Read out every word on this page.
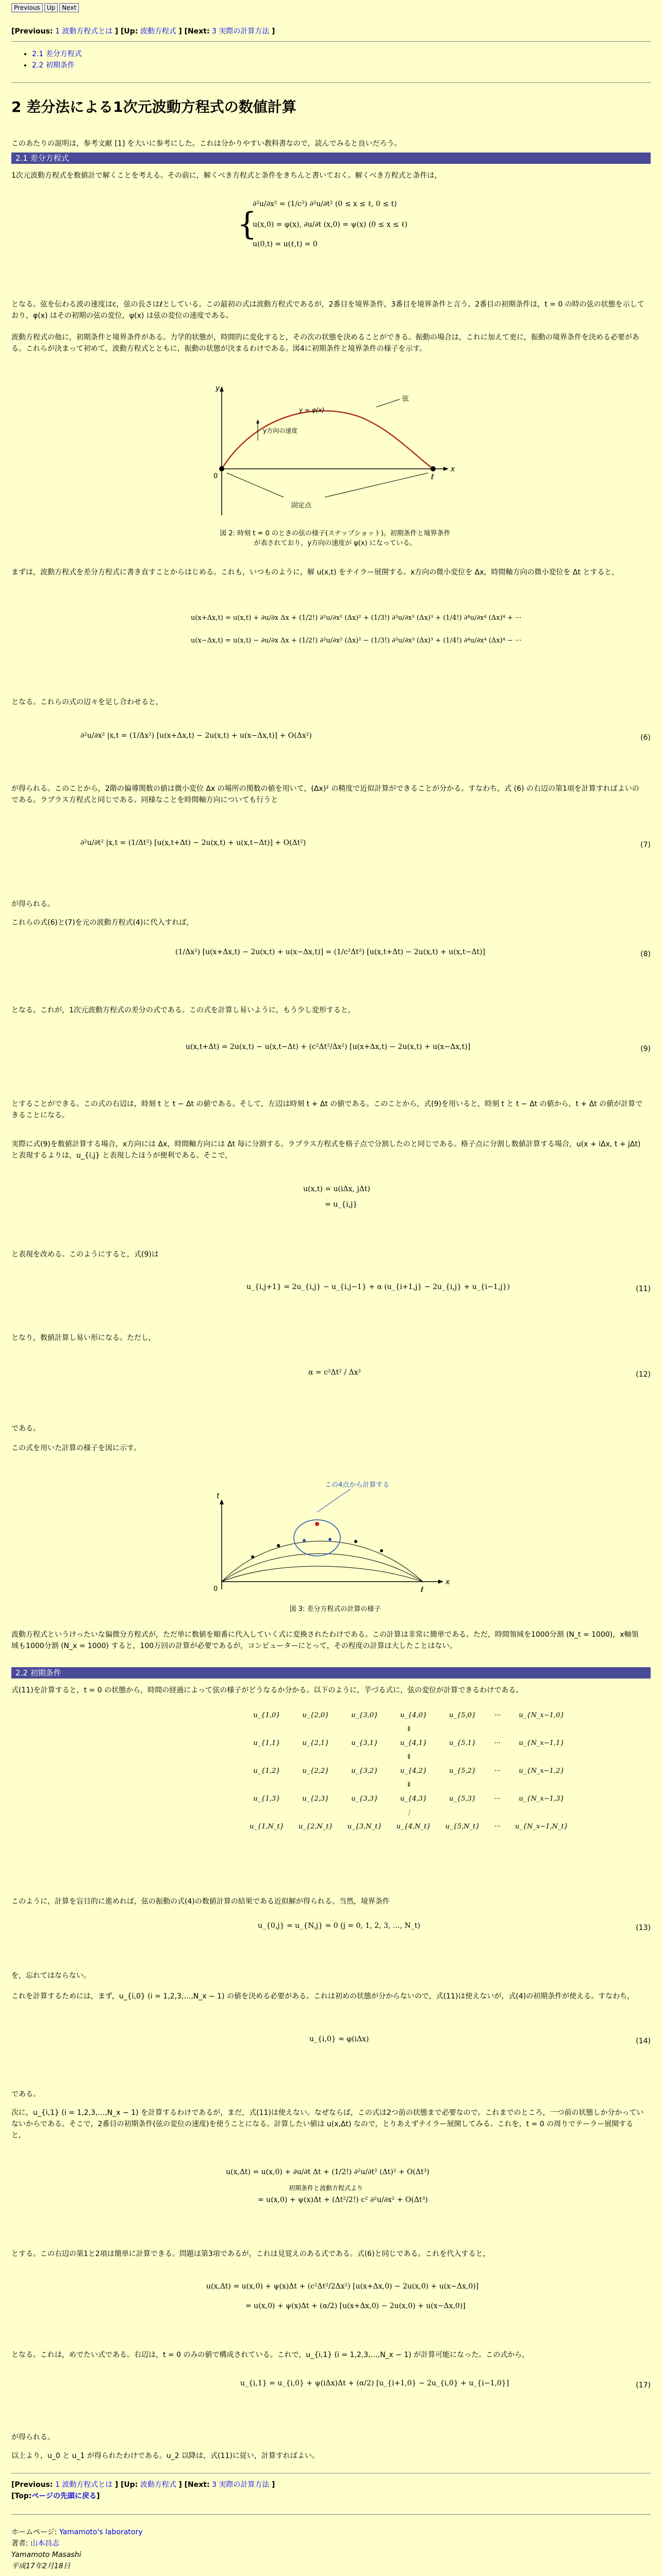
Previous Up Next
[Previous: 1 波動方程式とは ] [Up: 波動方程式 ] [Next: 3 実際の計算方法 ]
• 2.1 差分方程式
• 2.2 初期条件
2 差分法による1次元波動方程式の数値計算
このあたりの説明は，参考文献 [1] を大いに参考にした。これは分かりやすい教科書なので，読んでみると良いだろう。
2.1 差分方程式
1次元波動方程式を数値計で解くことを考える。その前に，解くべき方程式と条件をきちんと書いておく。解くべき方程式と条件は，
{
∂²u/∂x² = (1/c²) ∂²u/∂t² (0 ≤ x ≤ ℓ, 0 ≤ t)
u(x,0) = φ(x), ∂u/∂t (x,0) = ψ(x) (0 ≤ x ≤ ℓ)
u(0,t) = u(ℓ,t) = 0
となる。弦を伝わる波の速度はc，弦の長さはℓとしている。この最初の式は波動方程式であるが，2番目を境界条件，3番目を境界条件と言う。2番目の初期条件は，t = 0 の時の弦の状態を示しており，φ(x) はその初期の弦の変位，ψ(x) は弦の変位の速度である。
波動方程式の他に，初期条件と境界条件がある。力学的状態が，時間的に変化すると，その次の状態を決めることができる。振動の場合は，これに加えて更に，振動の境界条件を決める必要がある。これらが決まって初めて，波動方程式とともに，振動の状態が決まるわけである。図4に初期条件と境界条件の様子を示す。
弦
y = φ(x)
y方向の速度
固定点
x
y
0	ℓ
図 2: 時刻 t = 0 のときの弦の様子(スナップショット)。初期条件と境界条件が表されており，y方向の速度が ψ(x) になっている。
まずは，波動方程式を差分方程式に書き直すことからはじめる。これも，いつものように，解 u(x,t) をテイラー展開する。x方向の微小変位を Δx，時間軸方向の微小変位を Δt とすると，
u(x+Δx,t) = u(x,t) + ∂u/∂x Δx + (1/2!) ∂²u/∂x² (Δx)² + (1/3!) ∂³u/∂x³ (Δx)³ + (1/4!) ∂⁴u/∂x⁴ (Δx)⁴ + ···
u(x−Δx,t) = u(x,t) − ∂u/∂x Δx + (1/2!) ∂²u/∂x² (Δx)² − (1/3!) ∂³u/∂x³ (Δx)³ + (1/4!) ∂⁴u/∂x⁴ (Δx)⁴ − ···
となる。これらの式の辺々を足し合わせると，
∂²u/∂x² |x,t = (1/Δx²) [u(x+Δx,t) − 2u(x,t) + u(x−Δx,t)] + O(Δx²)	(6)
が得られる。このことから，2階の偏導関数の値は微小変位 Δx の場所の関数の値を用いて，(Δx)² の精度で近似計算ができることが分かる。すなわち，式 (6) の右辺の第1項を計算すればよいのである。ラプラス方程式と同じである。同様なことを時間軸方向についても行うと
∂²u/∂t² |x,t = (1/Δt²) [u(x,t+Δt) − 2u(x,t) + u(x,t−Δt)] + O(Δt²)	(7)
が得られる。
これらの式(6)と(7)を元の波動方程式(4)に代入すれば，
(1/Δx²) [u(x+Δx,t) − 2u(x,t) + u(x−Δx,t)] = (1/c²Δt²) [u(x,t+Δt) − 2u(x,t) + u(x,t−Δt)]	(8)
となる。これが，1次元波動方程式の差分の式である。この式を計算し易いように，もう少し変形すると，
u(x,t+Δt) = 2u(x,t) − u(x,t−Δt) + (c²Δt²/Δx²) [u(x+Δx,t) − 2u(x,t) + u(x−Δx,t)]	(9)
とすることができる。この式の右辺は，時刻 t と t − Δt の値である。そして，左辺は時刻 t + Δt の値である。このことから，式(9)を用いると，時刻 t と t − Δt の値から，t + Δt の値が計算できることになる。
実際に式(9)を数値計算する場合，x方向には Δx，時間軸方向には Δt 毎に分割する。ラプラス方程式を格子点で分割したのと同じである。格子点に分割し数値計算する場合，u(x + iΔx, t + jΔt) と表現するよりは，u_{i,j} と表現したほうが便利である。そこで，
u(x,t) = u(iΔx, jΔt)
= u_{i,j}
と表現を改める。このようにすると，式(9)は
u_{i,j+1} = 2u_{i,j} − u_{i,j−1} + α (u_{i+1,j} − 2u_{i,j} + u_{i−1,j})	(11)
となり，数値計算し易い形になる。ただし，
α = c²Δt² / Δx²	(12)
である。
この式を用いた計算の様子を図に示す。
この4点から計算する
x
t
0	ℓ
図 3: 差分方程式の計算の様子
波動方程式というけったいな偏微分方程式が，ただ単に数値を順番に代入していく式に変換されたわけである。この計算は非常に簡単である。ただ，時間領域を1000分割 (N_t = 1000)，x軸領域も1000分割 (N_x = 1000) すると，100万回の計算が必要であるが，コンピューターにとって，その程度の計算は大したことはない。
2.2 初期条件
式(11)を計算すると，t = 0 の状態から，時間の経過によって弦の様子がどうなるか分かる。以下のように，芋づる式に，弦の変位が計算できるわけである。
u_{1,0}	u_{2,0}	u_{3,0}	u_{4,0}	u_{5,0}	···	u_{N_x−1,0}
⇓						
u_{1,1}	u_{2,1}	u_{3,1}	u_{4,1}	u_{5,1}	···	u_{N_x−1,1}
⇓						
u_{1,2}	u_{2,2}	u_{3,2}	u_{4,2}	u_{5,2}	···	u_{N_x−1,2}
⇓						
u_{1,3}	u_{2,3}	u_{3,3}	u_{4,3}	u_{5,3}	···	u_{N_x−1,3}
⋮						
u_{1,N_t}	u_{2,N_t}	u_{3,N_t}	u_{4,N_t}	u_{5,N_t}	···	u_{N_x−1,N_t}
このように，計算を盲目的に進めれば，弦の振動の式(4)の数値計算の結果である近似解が得られる。当然，境界条件
u_{0,j} = u_{N,j} = 0 (j = 0, 1, 2, 3, …, N_t)	(13)
を，忘れてはならない。
これを計算するためには，まず，u_{i,0} (i = 1,2,3,…,N_x − 1) の値を決める必要がある。これは初めの状態が分からないので，式(11)は使えないが，式(4)の初期条件が使える。すなわち，
u_{i,0} = φ(iΔx)	(14)
である。
次に，u_{i,1} (i = 1,2,3,…,N_x − 1) を計算するわけであるが，まだ，式(11)は使えない。なぜならば，この式は2つ前の状態まで必要なので。これまでのところ，一つ前の状態しか分かっていないからである。そこで，2番目の初期条件(弦の変位の速度)を使うことになる。計算したい値は u(x,Δt) なので，とりあえずテイラー展開してみる。これを，t = 0 の周りでテーラー展開すると，
u(x,Δt) = u(x,0) + ∂u/∂t Δt + (1/2!) ∂²u/∂t² (Δt)² + O(Δt³)
初期条件と波動方程式より
= u(x,0) + ψ(x)Δt + (Δt²/2!) c² ∂²u/∂x² + O(Δt³)
とする。この右辺の第1と2項は簡単に計算できる。問題は第3項であるが，これは見覚えのある式である。式(6)と同じである。これを代入すると，
u(x,Δt) = u(x,0) + ψ(x)Δt + (c²Δt²/2Δx²) [u(x+Δx,0) − 2u(x,0) + u(x−Δx,0)]
= u(x,0) + ψ(x)Δt + (α/2) [u(x+Δx,0) − 2u(x,0) + u(x−Δx,0)]
となる。これは，めでたい式である。右辺は，t = 0 のみの値で構成されている。これで，u_{i,1} (i = 1,2,3,…,N_x − 1) が計算可能になった。この式から，
u_{i,1} = u_{i,0} + ψ(iΔx)Δt + (α/2) [u_{i+1,0} − 2u_{i,0} + u_{i−1,0}]	(17)
が得られる。
以上より，u_0 と u_1 が得られたわけである。u_2 以降は，式(11)に従い，計算すればよい。
[Previous: 1 波動方程式とは ] [Up: 波動方程式 ] [Next: 3 実際の計算方法 ]
[Top:ページの先頭に戻る]
ホームページ: Yamamoto's laboratory
著者: 山本昌志
Yamamoto Masashi
平成17年2月18日
